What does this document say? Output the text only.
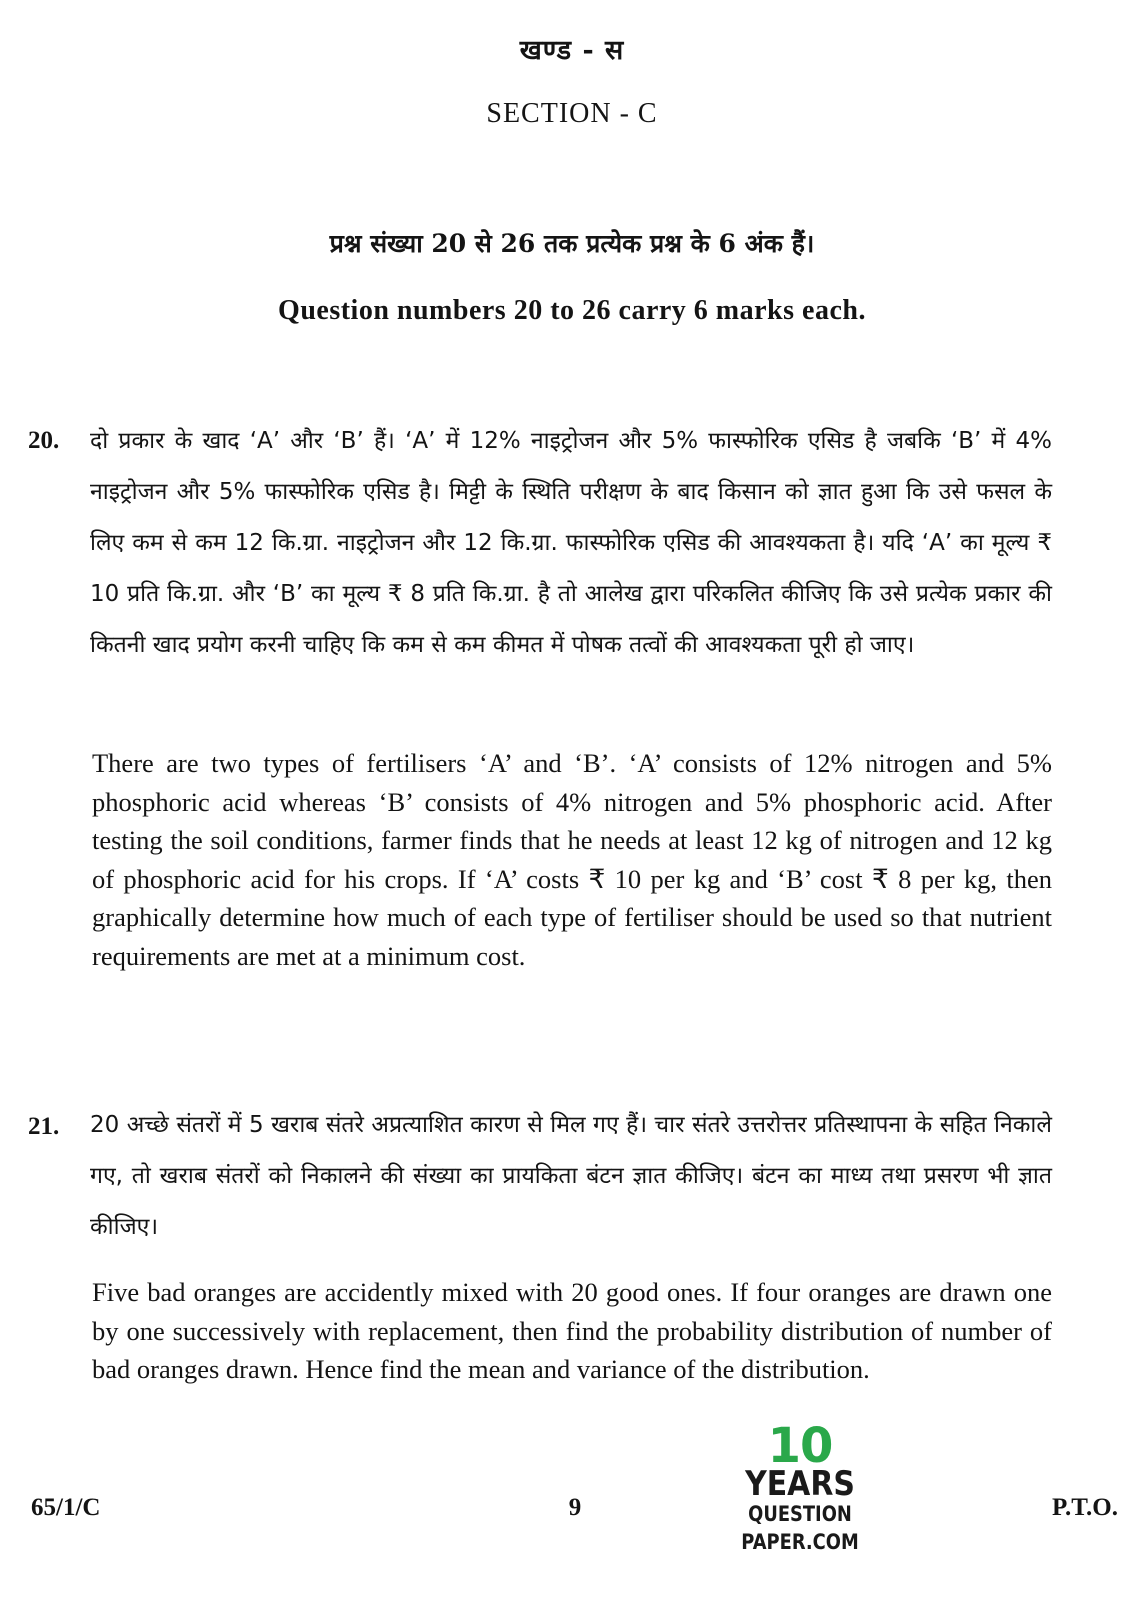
खण्ड - स
SECTION - C
प्रश्न संख्या 20 से 26 तक प्रत्येक प्रश्न के 6 अंक हैं।
Question numbers 20 to 26 carry 6 marks each.
20. दो प्रकार के खाद ‘A’ और ‘B’ हैं। ‘A’ में 12% नाइट्रोजन और 5% फास्फोरिक एसिड है जबकि ‘B’ में 4% नाइट्रोजन और 5% फास्फोरिक एसिड है। मिट्टी के स्थिति परीक्षण के बाद किसान को ज्ञात हुआ कि उसे फसल के लिए कम से कम 12 कि.ग्रा. नाइट्रोजन और 12 कि.ग्रा. फास्फोरिक एसिड की आवश्यकता है। यदि ‘A’ का मूल्य ₹ 10 प्रति कि.ग्रा. और ‘B’ का मूल्य ₹ 8 प्रति कि.ग्रा. है तो आलेख द्वारा परिकलित कीजिए कि उसे प्रत्येक प्रकार की कितनी खाद प्रयोग करनी चाहिए कि कम से कम कीमत में पोषक तत्वों की आवश्यकता पूरी हो जाए।
There are two types of fertilisers ‘A’ and ‘B’. ‘A’ consists of 12% nitrogen and 5% phosphoric acid whereas ‘B’ consists of 4% nitrogen and 5% phosphoric acid. After testing the soil conditions, farmer finds that he needs at least 12 kg of nitrogen and 12 kg of phosphoric acid for his crops. If ‘A’ costs ₹ 10 per kg and ‘B’ cost ₹ 8 per kg, then graphically determine how much of each type of fertiliser should be used so that nutrient requirements are met at a minimum cost.
21. 20 अच्छे संतरों में 5 खराब संतरे अप्रत्याशित कारण से मिल गए हैं। चार संतरे उत्तरोत्तर प्रतिस्थापना के सहित निकाले गए, तो खराब संतरों को निकालने की संख्या का प्रायकिता बंटन ज्ञात कीजिए। बंटन का माध्य तथा प्रसरण भी ज्ञात कीजिए।
Five bad oranges are accidently mixed with 20 good ones. If four oranges are drawn one by one successively with replacement, then find the probability distribution of number of bad oranges drawn. Hence find the mean and variance of the distribution.
65/1/C	9	P.T.O.
10
YEARS
QUESTION PAPER.COM
